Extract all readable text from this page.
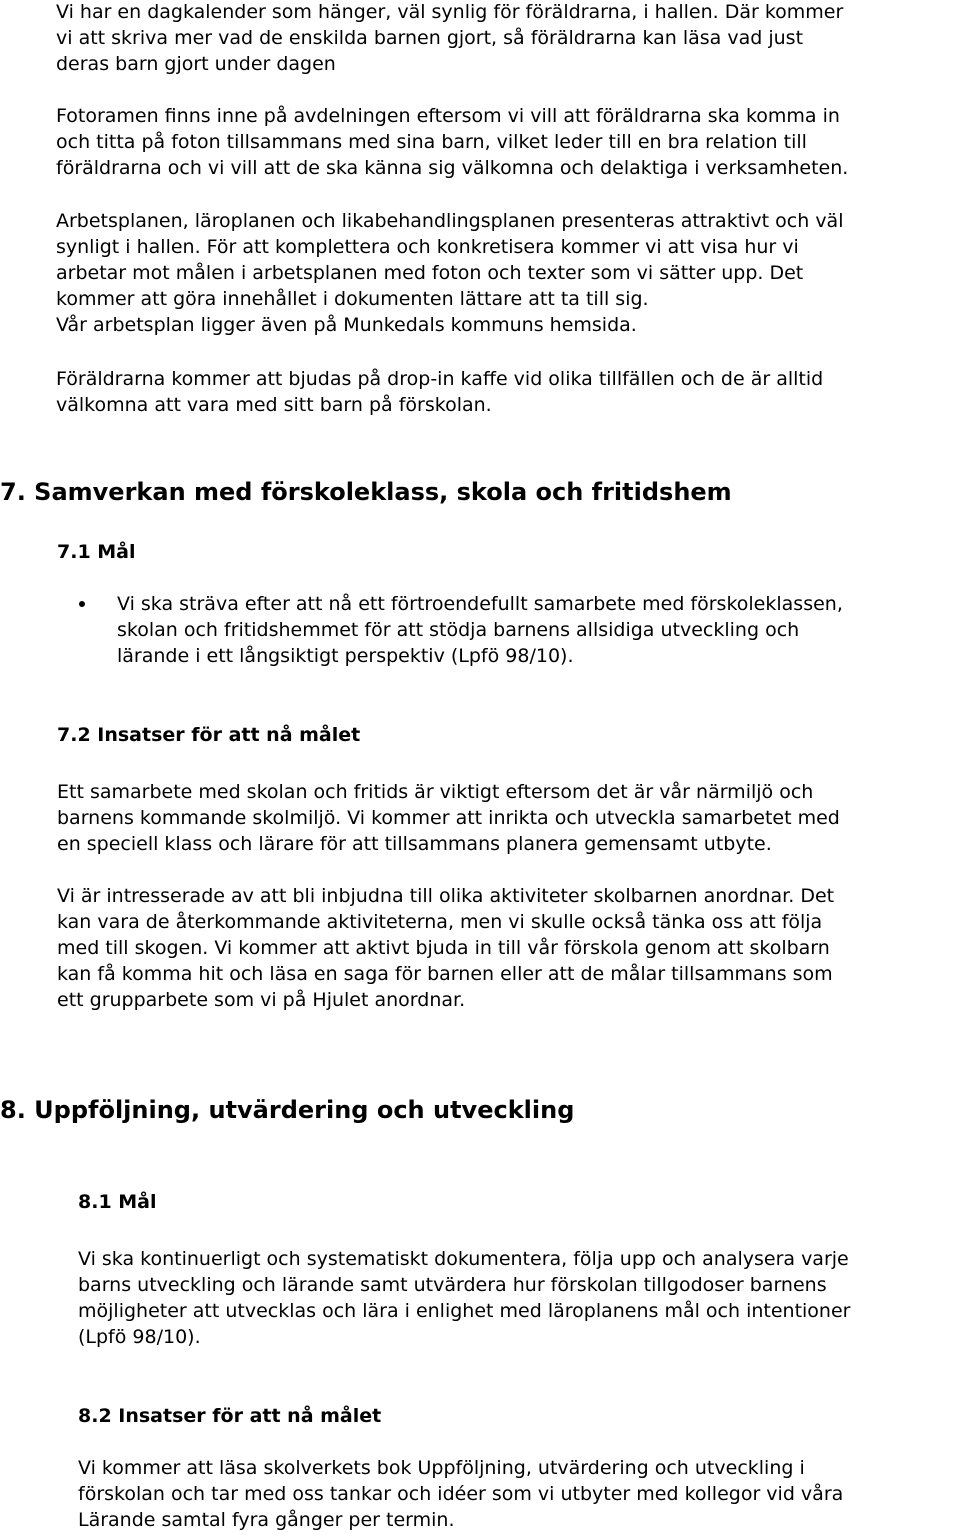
Vi har en dagkalender som hänger, väl synlig för föräldrarna, i hallen. Där kommer
vi att skriva mer vad de enskilda barnen gjort, så föräldrarna kan läsa vad just
deras barn gjort under dagen

Fotoramen finns inne på avdelningen eftersom vi vill att föräldrarna ska komma in
och titta på foton tillsammans med sina barn, vilket leder till en bra relation till
föräldrarna och vi vill att de ska känna sig välkomna och delaktiga i verksamheten.

Arbetsplanen, läroplanen och likabehandlingsplanen presenteras attraktivt och väl
synligt i hallen. För att komplettera och konkretisera kommer vi att visa hur vi
arbetar mot målen i arbetsplanen med foton och texter som vi sätter upp. Det
kommer att göra innehållet i dokumenten lättare att ta till sig.
Vår arbetsplan ligger även på Munkedals kommuns hemsida.

Föräldrarna kommer att bjudas på drop-in kaffe vid olika tillfällen och de är alltid
välkomna att vara med sitt barn på förskolan.

7. Samverkan med förskoleklass, skola och fritidshem
7.1 Mål

Vi ska sträva efter att nå ett förtroendefullt samarbete med förskoleklassen,
skolan och fritidshemmet för att stödja barnens allsidiga utveckling och
lärande i ett långsiktigt perspektiv (Lpfö 98/10).

7.2 Insatser för att nå målet

Ett samarbete med skolan och fritids är viktigt eftersom det är vår närmiljö och
barnens kommande skolmiljö. Vi kommer att inrikta och utveckla samarbetet med
en speciell klass och lärare för att tillsammans planera gemensamt utbyte.

Vi är intresserade av att bli inbjudna till olika aktiviteter skolbarnen anordnar. Det
kan vara de återkommande aktiviteterna, men vi skulle också tänka oss att följa
med till skogen. Vi kommer att aktivt bjuda in till vår förskola genom att skolbarn
kan få komma hit och läsa en saga för barnen eller att de målar tillsammans som
ett grupparbete som vi på Hjulet anordnar.

8. Uppföljning, utvärdering och utveckling
8.1 Mål

Vi ska kontinuerligt och systematiskt dokumentera, följa upp och analysera varje
barns utveckling och lärande samt utvärdera hur förskolan tillgodoser barnens
möjligheter att utvecklas och lära i enlighet med läroplanens mål och intentioner
(Lpfö 98/10).

8.2 Insatser för att nå målet

Vi kommer att läsa skolverkets bok Uppföljning, utvärdering och utveckling i
förskolan och tar med oss tankar och idéer som vi utbyter med kollegor vid våra
Lärande samtal fyra gånger per termin.
